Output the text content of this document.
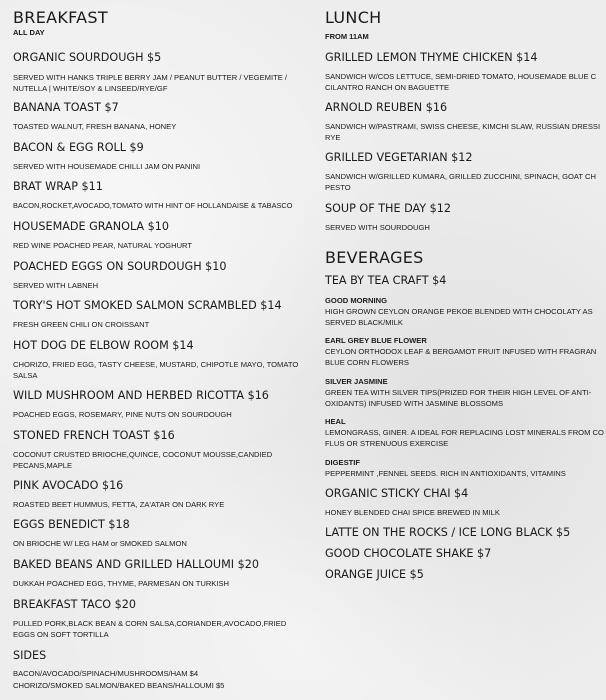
BREAKFAST
ALL DAY
ORGANIC SOURDOUGH $5
SERVED WITH HANKS TRIPLE BERRY JAM / PEANUT BUTTER / VEGEMITE / NUTELLA | WHITE/SOY & LINSEED/RYE/GF
BANANA TOAST $7
TOASTED WALNUT, FRESH BANANA, HONEY
BACON & EGG ROLL $9
SERVED WITH HOUSEMADE CHILLI JAM ON PANINI
BRAT WRAP $11
BACON,ROCKET,AVOCADO,TOMATO WITH HINT OF HOLLANDAISE & TABASCO
HOUSEMADE GRANOLA $10
RED WINE POACHED PEAR, NATURAL YOGHURT
POACHED EGGS ON SOURDOUGH $10
SERVED WITH LABNEH
TORY'S HOT SMOKED SALMON SCRAMBLED $14
FRESH GREEN CHILI ON CROISSANT
HOT DOG DE ELBOW ROOM $14
CHORIZO, FRIED EGG, TASTY CHEESE, MUSTARD, CHIPOTLE MAYO, TOMATO SALSA
WILD MUSHROOM AND HERBED RICOTTA $16
POACHED EGGS, ROSEMARY, PINE NUTS ON SOURDOUGH
STONED FRENCH TOAST $16
COCONUT CRUSTED BRIOCHE,QUINCE, COCONUT MOUSSE,CANDIED PECANS,MAPLE
PINK AVOCADO $16
ROASTED BEET HUMMUS, FETTA, ZA'ATAR ON DARK RYE
EGGS BENEDICT $18
ON BRIOCHE W/ LEG HAM or SMOKED SALMON
BAKED BEANS AND GRILLED HALLOUMI $20
DUKKAH POACHED EGG, THYME, PARMESAN ON TURKISH
BREAKFAST TACO $20
PULLED PORK,BLACK BEAN & CORN SALSA,CORIANDER,AVOCADO,FRIED EGGS ON SOFT TORTILLA
SIDES
BACON/AVOCADO/SPINACH/MUSHROOMS/HAM $4
CHORIZO/SMOKED SALMON/BAKED BEANS/HALLOUMI $5
LUNCH
FROM 11AM
GRILLED LEMON THYME CHICKEN $14
SANDWICH W/COS LETTUCE, SEMI-DRIED TOMATO, HOUSEMADE BLUE C
CILANTRO RANCH ON BAGUETTE
ARNOLD REUBEN $16
SANDWICH W/PASTRAMI, SWISS CHEESE, KIMCHI SLAW, RUSSIAN DRESSI
RYE
GRILLED VEGETARIAN $12
SANDWICH W/GRILLED KUMARA, GRILLED ZUCCHINI, SPINACH, GOAT CH
PESTO
SOUP OF THE DAY $12
SERVED WITH SOURDOUGH
BEVERAGES
TEA BY TEA CRAFT $4
GOOD MORNING
HIGH GROWN CEYLON ORANGE PEKOE BLENDED WITH CHOCOLATY AS
SERVED BLACK/MILK
EARL GREY BLUE FLOWER
CEYLON ORTHODOX LEAF & BERGAMOT FRUIT INFUSED WITH FRAGRAN
BLUE CORN FLOWERS
SILVER JASMINE
GREEN TEA WITH SILVER TIPS(PRIZED FOR THEIR HIGH LEVEL OF ANTI-
OXIDANTS) INFUSED WITH JASMINE BLOSSOMS
HEAL
LEMONGRASS, GINER. A IDEAL FOR REPLACING LOST MINERALS FROM CO
FLUS OR STRENUOUS EXERCISE
DIGESTIF
PEPPERMINT ,FENNEL SEEDS. RICH IN ANTIOXIDANTS, VITAMINS
ORGANIC STICKY CHAI $4
HONEY BLENDED CHAI SPICE BREWED IN MILK
LATTE ON THE ROCKS / ICE LONG BLACK $5
GOOD CHOCOLATE SHAKE $7
ORANGE JUICE $5
